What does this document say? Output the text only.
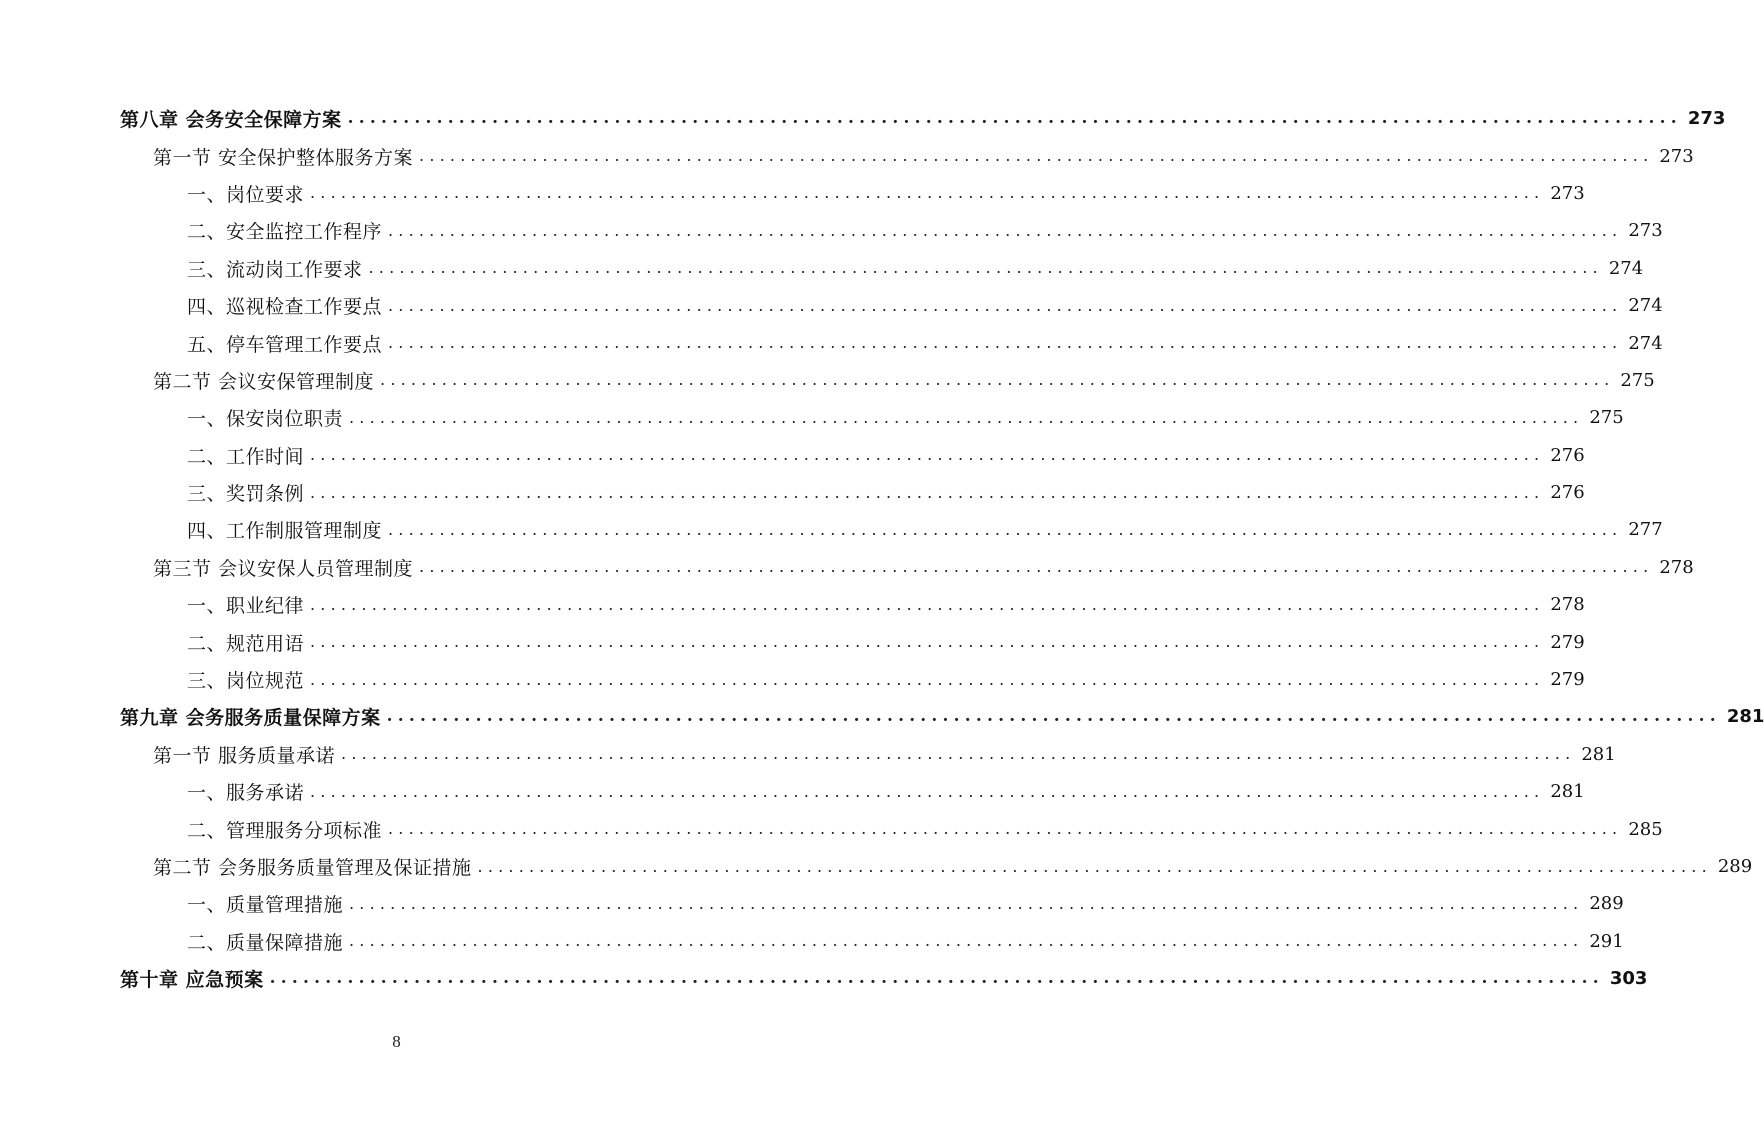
第八章 会务安全保障方案 ........................................................................................................................ 273
第一节 安全保护整体服务方案 ........................................................................................................................ 273
一、岗位要求 ........................................................................................................................ 273
二、安全监控工作程序 ........................................................................................................................ 273
三、流动岗工作要求 ........................................................................................................................ 274
四、巡视检查工作要点 ........................................................................................................................ 274
五、停车管理工作要点 ........................................................................................................................ 274
第二节 会议安保管理制度 ........................................................................................................................ 275
一、保安岗位职责 ........................................................................................................................ 275
二、工作时间 ........................................................................................................................ 276
三、奖罚条例 ........................................................................................................................ 276
四、工作制服管理制度 ........................................................................................................................ 277
第三节 会议安保人员管理制度 ........................................................................................................................ 278
一、职业纪律 ........................................................................................................................ 278
二、规范用语 ........................................................................................................................ 279
三、岗位规范 ........................................................................................................................ 279
第九章 会务服务质量保障方案 ........................................................................................................................ 281
第一节 服务质量承诺 ........................................................................................................................ 281
一、服务承诺 ........................................................................................................................ 281
二、管理服务分项标准 ........................................................................................................................ 285
第二节 会务服务质量管理及保证措施 ........................................................................................................................ 289
一、质量管理措施 ........................................................................................................................ 289
二、质量保障措施 ........................................................................................................................ 291
第十章 应急预案 ........................................................................................................................ 303
8
